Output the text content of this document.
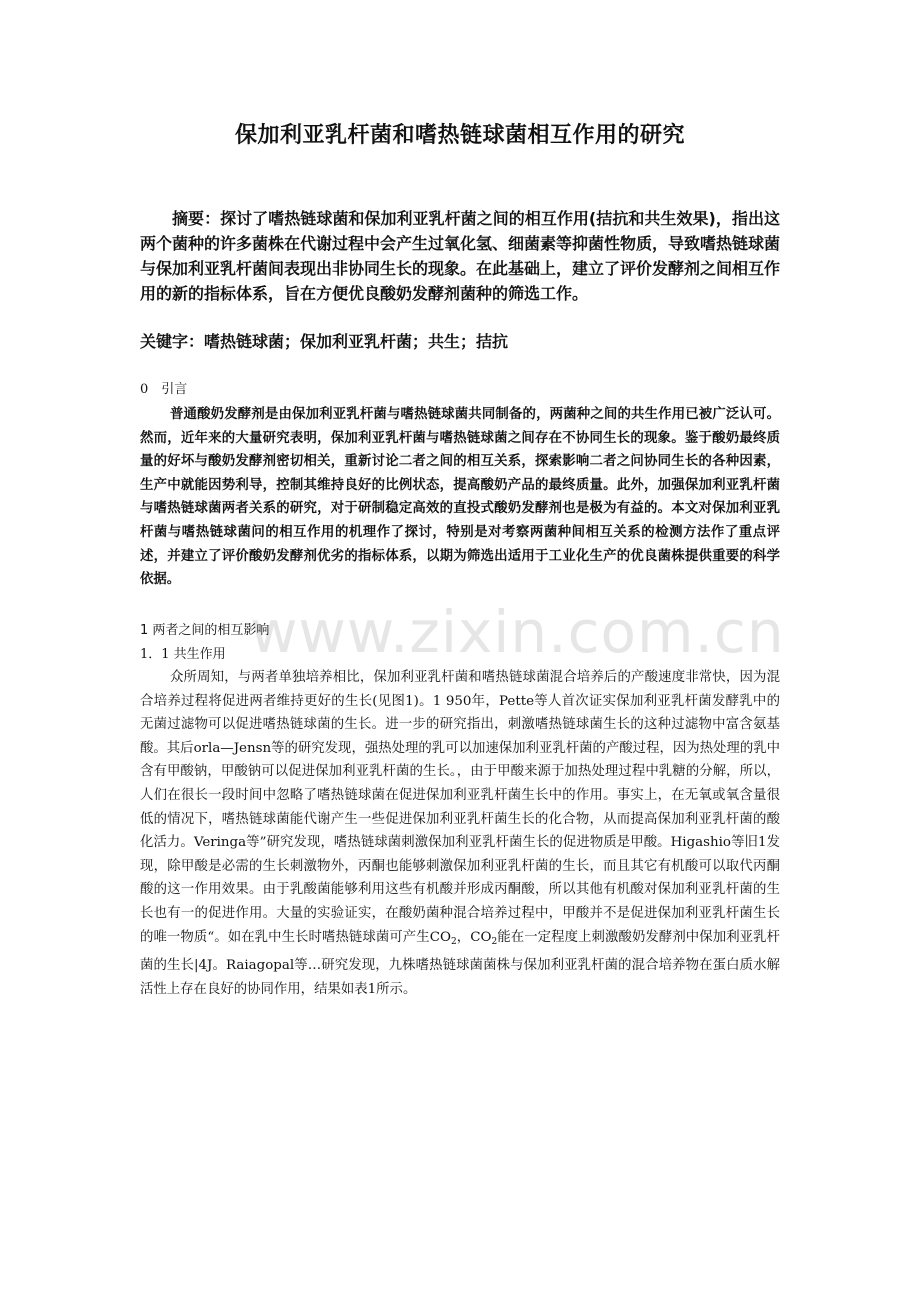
保加利亚乳杆菌和嗜热链球菌相互作用的研究

摘要：探讨了嗜热链球菌和保加利亚乳杆菌之间的相互作用(拮抗和共生效果)，指出这两个菌种的许多菌株在代谢过程中会产生过氧化氢、细菌素等抑菌性物质，导致嗜热链球菌与保加利亚乳杆菌间表现出非协同生长的现象。在此基础上，建立了评价发酵剂之间相互作用的新的指标体系，旨在方便优良酸奶发酵剂菌种的筛选工作。

关键字：嗜热链球菌；保加利亚乳杆菌；共生；拮抗

0　引言

普通酸奶发酵剂是由保加利亚乳杆菌与嗜热链球菌共同制备的，两菌种之间的共生作用已被广泛认可。然而，近年来的大量研究表明，保加利亚乳杆菌与嗜热链球菌之间存在不协同生长的现象。鉴于酸奶最终质量的好坏与酸奶发酵剂密切相关，重新讨论二者之间的相互关系，探索影响二者之问协同生长的各种因素，生产中就能因势利导，控制其维持良好的比例状态，提高酸奶产品的最终质量。此外，加强保加利亚乳杆菌与嗜热链球菌两者关系的研究，对于研制稳定高效的直投式酸奶发酵剂也是极为有益的。本文对保加利亚乳杆菌与嗜热链球菌问的相互作用的机理作了探讨，特别是对考察两菌种间相互关系的检测方法作了重点评述，并建立了评价酸奶发酵剂优劣的指标体系，以期为筛选出适用于工业化生产的优良菌株提供重要的科学依据。

www.zixin.com.cn
1 两者之间的相互影响
1．1 共生作用

众所周知，与两者单独培养相比，保加利亚乳杆菌和嗜热链球菌混合培养后的产酸速度非常快，因为混合培养过程将促进两者维持更好的生长(见图1)。1 950年，Pette等人首次证实保加利亚乳杆菌发酵乳中的无菌过滤物可以促进嗜热链球菌的生长。进一步的研究指出，刺激嗜热链球菌生长的这种过滤物中富含氨基酸。其后orla—Jensn等的研究发现，强热处理的乳可以加速保加利亚乳杆菌的产酸过程，因为热处理的乳中含有甲酸钠，甲酸钠可以促进保加利亚乳杆菌的生长。，由于甲酸来源于加热处理过程中乳糖的分解，所以，人们在很长一段时间中忽略了嗜热链球菌在促进保加利亚乳杆菌生长中的作用。事实上，在无氧或氧含量很低的情况下，嗜热链球菌能代谢产生一些促进保加利亚乳杆菌生长的化合物，从而提高保加利亚乳杆菌的酸化活力。Veringa等”研究发现，嗜热链球菌刺激保加利亚乳杆菌生长的促进物质是甲酸。Higashio等旧1发现，除甲酸是必需的生长刺激物外，丙酮也能够刺激保加利亚乳杆菌的生长，而且其它有机酸可以取代丙酮酸的这一作用效果。由于乳酸菌能够利用这些有机酸并形成丙酮酸，所以其他有机酸对保加利亚乳杆菌的生长也有一的促进作用。大量的实验证实，在酸奶菌种混合培养过程中，甲酸并不是促进保加利亚乳杆菌生长的唯一物质“。如在乳中生长时嗜热链球菌可产生$CO_2$，$CO_2$能在一定程度上刺激酸奶发酵剂中保加利亚乳杆菌的生长|4J。Raiagopal等…研究发现，九株嗜热链球菌菌株与保加利亚乳杆菌的混合培养物在蛋白质水解活性上存在良好的协同作用，结果如表1所示。
